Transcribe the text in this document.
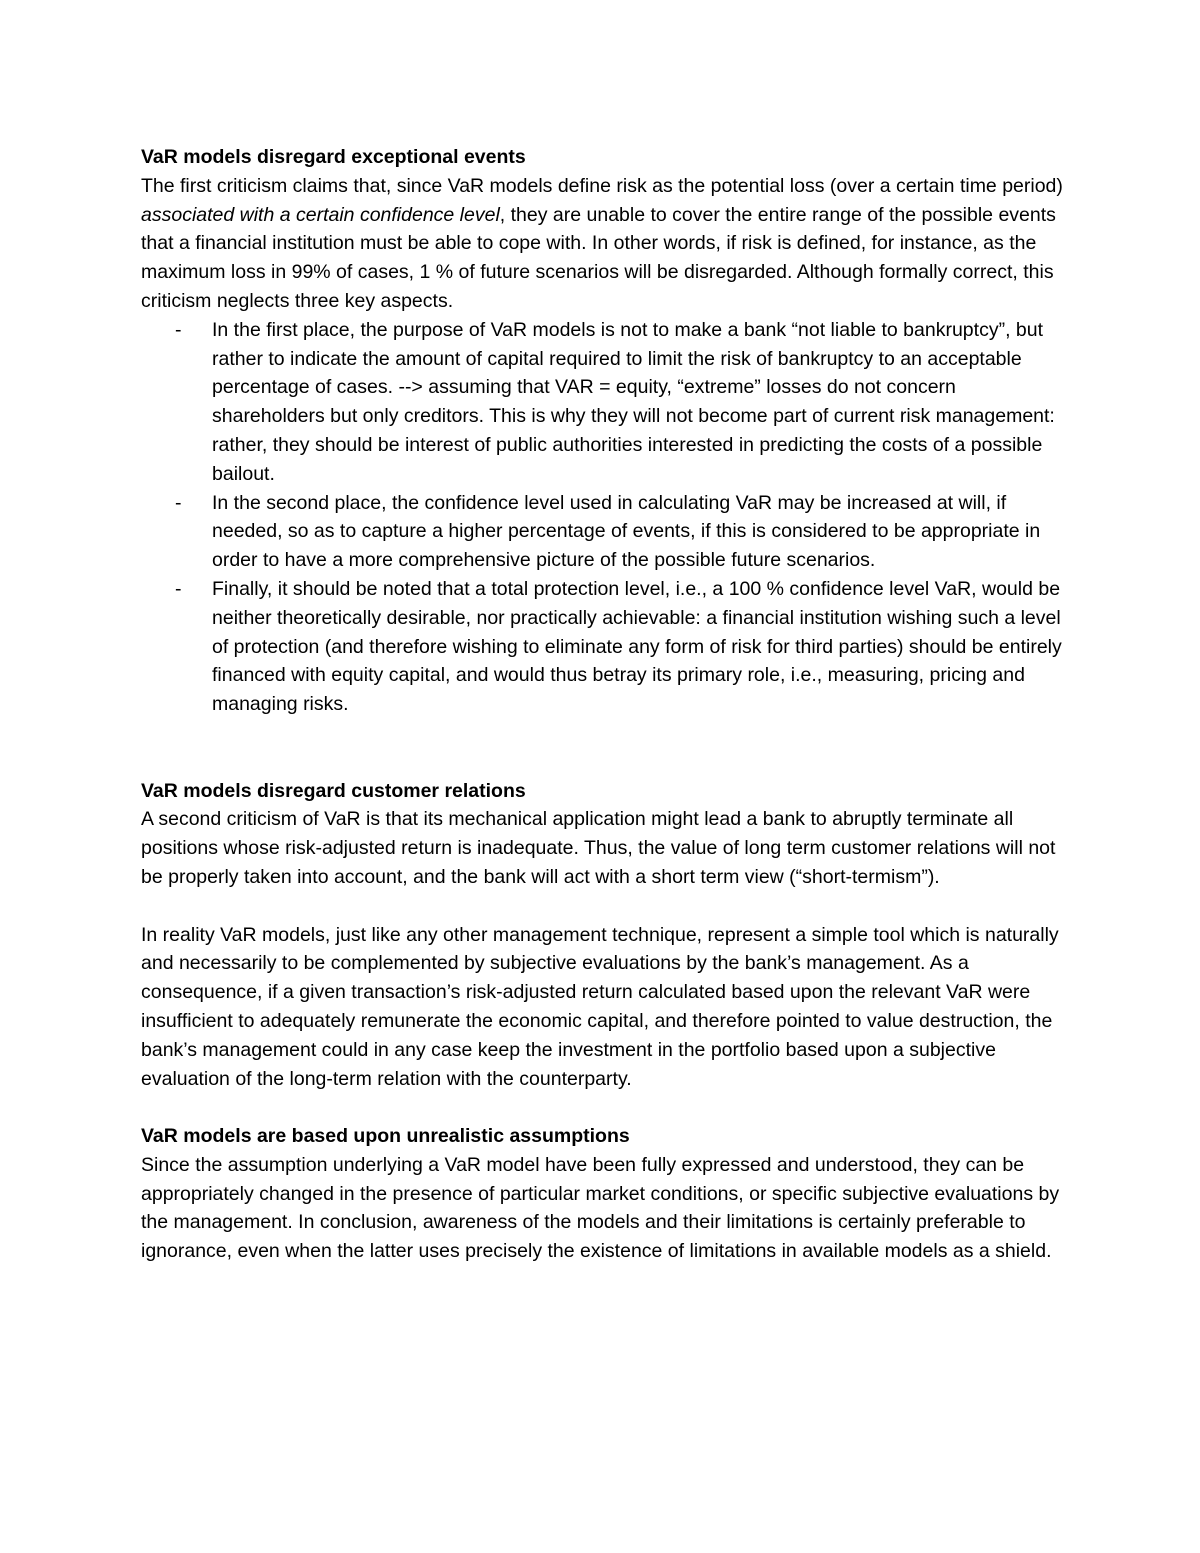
VaR models disregard exceptional events

The first criticism claims that, since VaR models define risk as the potential loss (over a certain time period) associated with a certain confidence level, they are unable to cover the entire range of the possible events that a financial institution must be able to cope with. In other words, if risk is defined, for instance, as the maximum loss in 99% of cases, 1 % of future scenarios will be disregarded. Although formally correct, this criticism neglects three key aspects.

- In the first place, the purpose of VaR models is not to make a bank “not liable to bankruptcy”, but rather to indicate the amount of capital required to limit the risk of bankruptcy to an acceptable percentage of cases. --> assuming that VAR = equity, “extreme” losses do not concern shareholders but only creditors. This is why they will not become part of current risk management: rather, they should be interest of public authorities interested in predicting the costs of a possible bailout.
- In the second place, the confidence level used in calculating VaR may be increased at will, if needed, so as to capture a higher percentage of events, if this is considered to be appropriate in order to have a more comprehensive picture of the possible future scenarios.
- Finally, it should be noted that a total protection level, i.e., a 100 % confidence level VaR, would be neither theoretically desirable, nor practically achievable: a financial institution wishing such a level of protection (and therefore wishing to eliminate any form of risk for third parties) should be entirely financed with equity capital, and would thus betray its primary role, i.e., measuring, pricing and managing risks.

VaR models disregard customer relations

A second criticism of VaR is that its mechanical application might lead a bank to abruptly terminate all positions whose risk-adjusted return is inadequate. Thus, the value of long term customer relations will not be properly taken into account, and the bank will act with a short term view (“short-termism”).

In reality VaR models, just like any other management technique, represent a simple tool which is naturally and necessarily to be complemented by subjective evaluations by the bank’s management. As a consequence, if a given transaction’s risk-adjusted return calculated based upon the relevant VaR were insufficient to adequately remunerate the economic capital, and therefore pointed to value destruction, the bank’s management could in any case keep the investment in the portfolio based upon a subjective evaluation of the long-term relation with the counterparty.

VaR models are based upon unrealistic assumptions

Since the assumption underlying a VaR model have been fully expressed and understood, they can be appropriately changed in the presence of particular market conditions, or specific subjective evaluations by the management. In conclusion, awareness of the models and their limitations is certainly preferable to ignorance, even when the latter uses precisely the existence of limitations in available models as a shield.
